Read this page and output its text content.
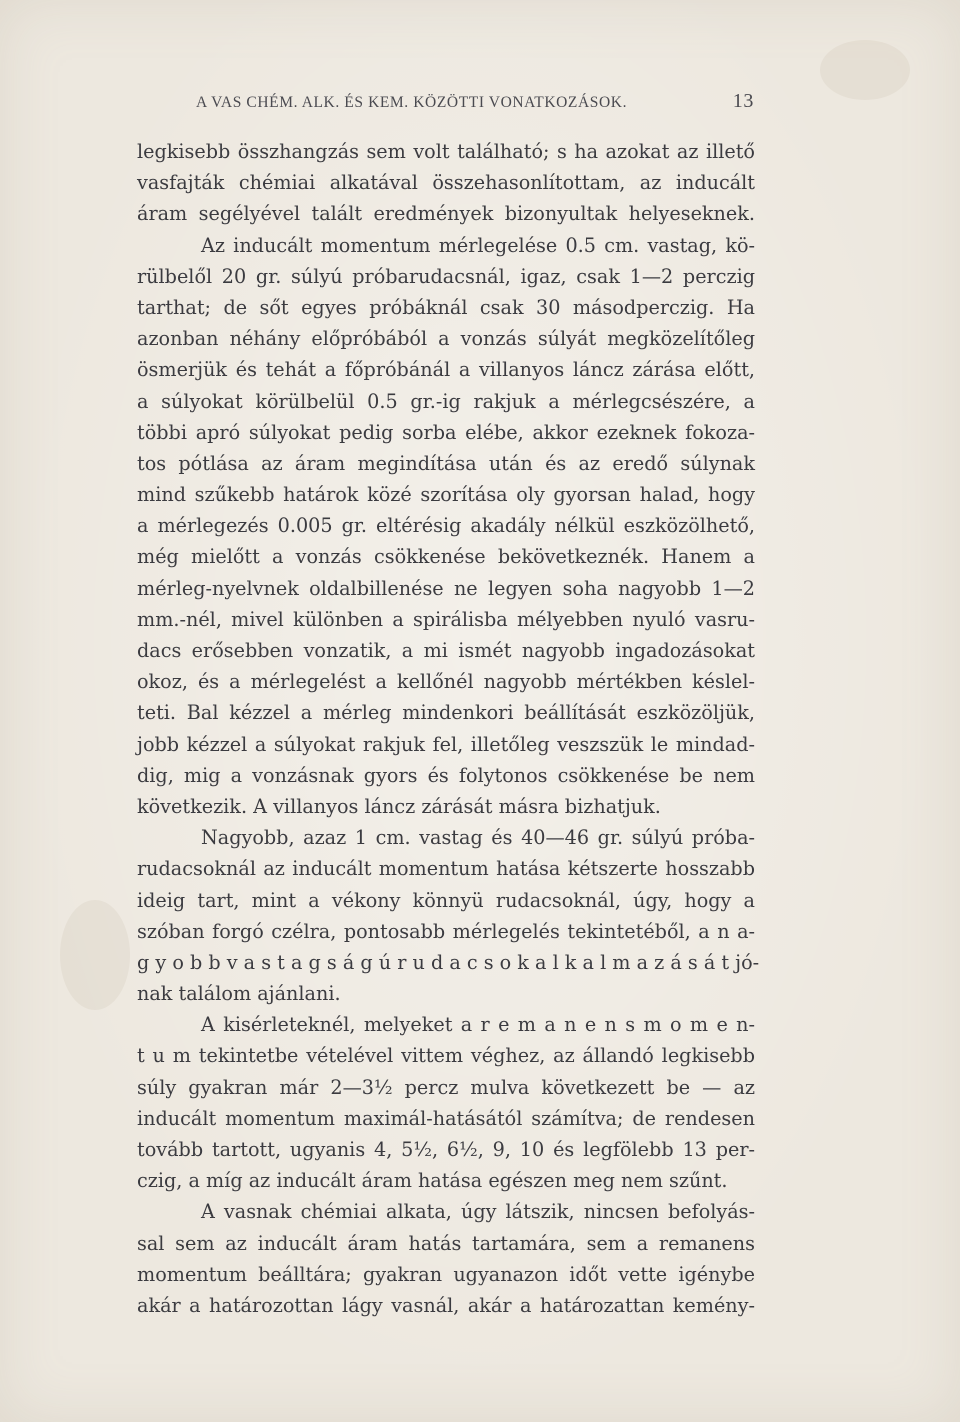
A VAS CHÉM. ALK. ÉS KEM. KÖZÖTTI VONATKOZÁSOK.	13
legkisebb összhangzás sem volt található; s ha azokat az illető
vasfajták chémiai alkatával összehasonlítottam, az inducált
áram segélyével talált eredmények bizonyultak helyeseknek.
Az inducált momentum mérlegelése 0.5 cm. vastag, kö-
rülbelől 20 gr. súlyú próbarudacsnál, igaz, csak 1—2 perczig
tarthat; de sőt egyes próbáknál csak 30 másodperczig. Ha
azonban néhány előpróbából a vonzás súlyát megközelítőleg
ösmerjük és tehát a főpróbánál a villanyos láncz zárása előtt,
a súlyokat körülbelül 0.5 gr.-ig rakjuk a mérlegcsészére, a
többi apró súlyokat pedig sorba elébe, akkor ezeknek fokoza-
tos pótlása az áram megindítása után és az eredő súlynak
mind szűkebb határok közé szorítása oly gyorsan halad, hogy
a mérlegezés 0.005 gr. eltérésig akadály nélkül eszközölhető,
még mielőtt a vonzás csökkenése bekövetkeznék. Hanem a
mérleg-nyelvnek oldalbillenése ne legyen soha nagyobb 1—2
mm.-nél, mivel különben a spirálisba mélyebben nyuló vasru-
dacs erősebben vonzatik, a mi ismét nagyobb ingadozásokat
okoz, és a mérlegelést a kellőnél nagyobb mértékben késlel-
teti. Bal kézzel a mérleg mindenkori beállítását eszközöljük,
jobb kézzel a súlyokat rakjuk fel, illetőleg veszszük le mindad-
dig, mig a vonzásnak gyors és folytonos csökkenése be nem
következik. A villanyos láncz zárását másra bizhatjuk.
Nagyobb, azaz 1 cm. vastag és 40—46 gr. súlyú próba-
rudacsoknál az inducált momentum hatása kétszerte hosszabb
ideig tart, mint a vékony könnyü rudacsoknál, úgy, hogy a
szóban forgó czélra, pontosabb mérlegelés tekintetéből, a n a-
g y o b b v a s t a g s á g ú r u d a c s o k a l k a l m a z á s á t jó-
nak találom ajánlani.
A kisérleteknél, melyeket a r e m a n e n s m o m e n-
t u m tekintetbe vételével vittem véghez, az állandó legkisebb
súly gyakran már 2—3½ percz mulva következett be — az
inducált momentum maximál-hatásától számítva; de rendesen
tovább tartott, ugyanis 4, 5½, 6½, 9, 10 és legfölebb 13 per-
czig, a míg az inducált áram hatása egészen meg nem szűnt.
A vasnak chémiai alkata, úgy látszik, nincsen befolyás-
sal sem az inducált áram hatás tartamára, sem a remanens
momentum beálltára; gyakran ugyanazon időt vette igénybe
akár a határozottan lágy vasnál, akár a határozattan kemény-
